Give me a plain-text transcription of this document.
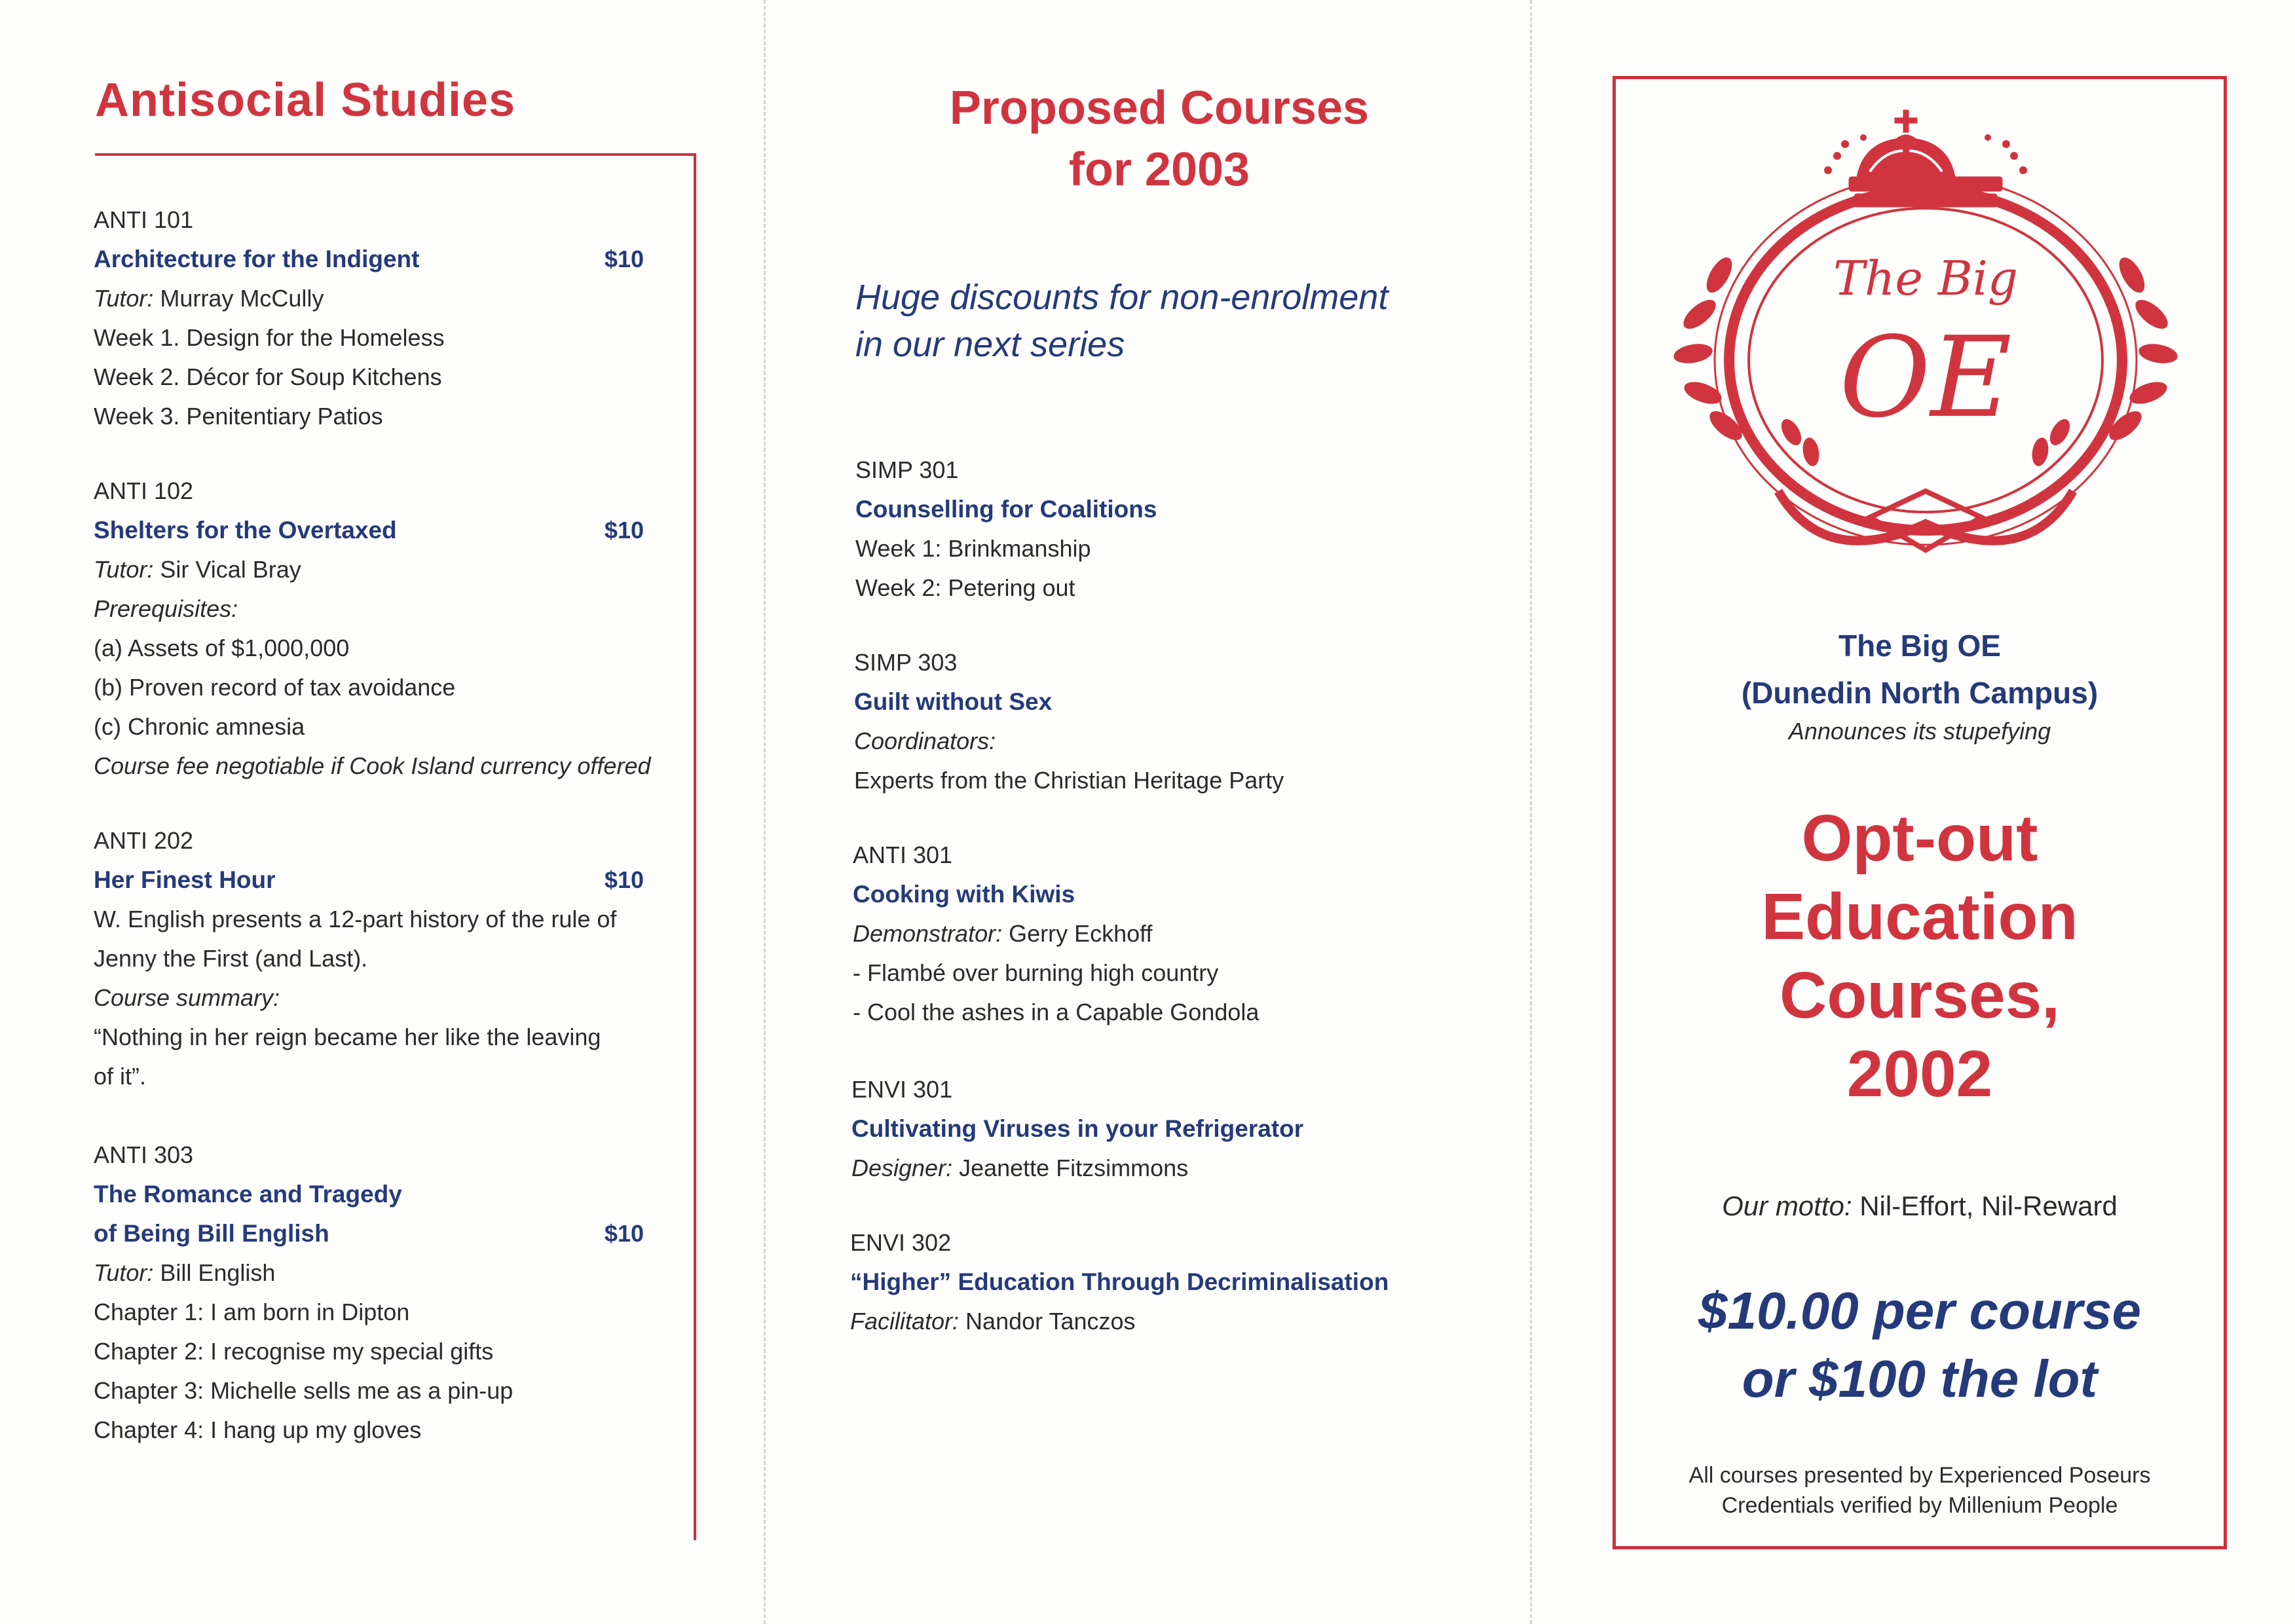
Antisocial Studies
ANTI 101
Architecture for the Indigent	$10
Tutor: Murray McCully
Week 1. Design for the Homeless
Week 2. Décor for Soup Kitchens
Week 3. Penitentiary Patios
ANTI 102
Shelters for the Overtaxed	$10
Tutor: Sir Vical Bray
Prerequisites:
(a) Assets of $1,000,000
(b) Proven record of tax avoidance
(c) Chronic amnesia
Course fee negotiable if Cook Island currency offered
ANTI 202
Her Finest Hour	$10
W. English presents a 12-part history of the rule of
Jenny the First (and Last).
Course summary:
“Nothing in her reign became her like the leaving
of it”.
ANTI 303
The Romance and Tragedy
of Being Bill English	$10
Tutor: Bill English
Chapter 1: I am born in Dipton
Chapter 2: I recognise my special gifts
Chapter 3: Michelle sells me as a pin-up
Chapter 4: I hang up my gloves
Proposed Courses
for 2003
Huge discounts for non-enrolment
in our next series
SIMP 301
Counselling for Coalitions
Week 1: Brinkmanship
Week 2: Petering out
SIMP 303
Guilt without Sex
Coordinators:
Experts from the Christian Heritage Party
ANTI 301
Cooking with Kiwis
Demonstrator: Gerry Eckhoff
- Flambé over burning high country
- Cool the ashes in a Capable Gondola
ENVI 301
Cultivating Viruses in your Refrigerator
Designer: Jeanette Fitzsimmons
ENVI 302
“Higher” Education Through Decriminalisation
Facilitator: Nandor Tanczos
The Big
OE
The Big OE
(Dunedin North Campus)
Announces its stupefying
Opt-out
Education
Courses,
2002
Our motto: Nil-Effort, Nil-Reward
$10.00 per course
or $100 the lot
All courses presented by Experienced Poseurs
Credentials verified by Millenium People
